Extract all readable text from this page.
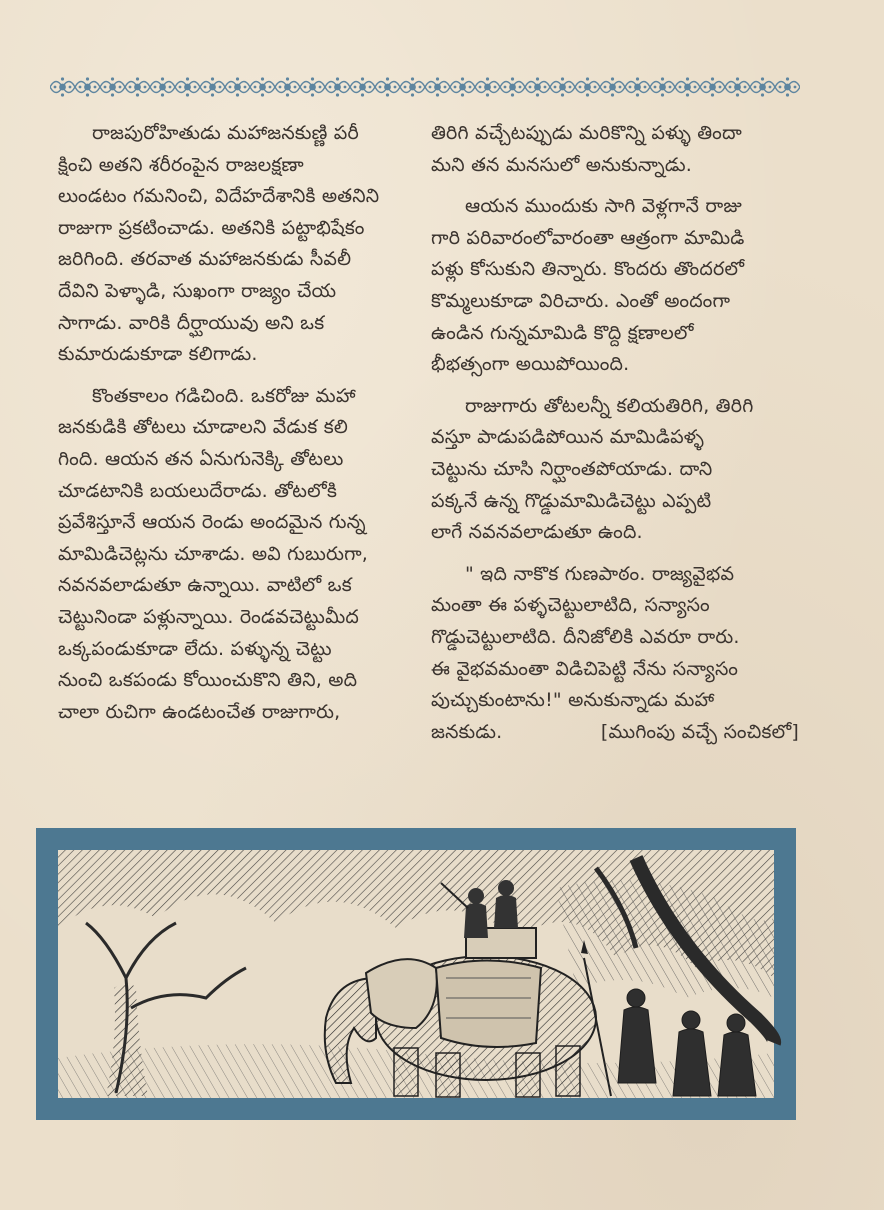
రాజపురోహితుడు మహాజనకుణ్ణి పరీ
క్షించి అతని శరీరంపైన రాజలక్షణా
లుండటం గమనించి, విదేహదేశానికి అతనిని
రాజుగా ప్రకటించాడు. అతనికి పట్టాభిషేకం
జరిగింది. తరవాత మహాజనకుడు సీవలీ
దేవిని పెళ్ళాడి, సుఖంగా రాజ్యం చేయ
సాగాడు. వారికి దీర్ఘాయువు అని ఒక
కుమారుడుకూడా కలిగాడు.

కొంతకాలం గడిచింది. ఒకరోజు మహా
జనకుడికి తోటలు చూడాలని వేడుక కలి
గింది. ఆయన తన ఏనుగునెక్కి తోటలు
చూడటానికి బయలుదేరాడు. తోటలోకి
ప్రవేశిస్తూనే ఆయన రెండు అందమైన గున్న
మామిడిచెట్లను చూశాడు. అవి గుబురుగా,
నవనవలాడుతూ ఉన్నాయి. వాటిలో ఒక
చెట్టునిండా పళ్లున్నాయి. రెండవచెట్టుమీద
ఒక్కపండుకూడా లేదు. పళ్ళున్న చెట్టు
నుంచి ఒకపండు కోయించుకొని తిని, అది
చాలా రుచిగా ఉండటంచేత రాజుగారు,

తిరిగి వచ్చేటప్పుడు మరికొన్ని పళ్ళు తిందా
మని తన మనసులో అనుకున్నాడు.

ఆయన ముందుకు సాగి వెళ్లగానే రాజు
గారి పరివారంలోవారంతా ఆత్రంగా మామిడి
పళ్లు కోసుకుని తిన్నారు. కొందరు తొందరలో
కొమ్మలుకూడా విరిచారు. ఎంతో అందంగా
ఉండిన గున్నమామిడి కొద్ది క్షణాలలో
భీభత్సంగా అయిపోయింది.

రాజుగారు తోటలన్నీ కలియతిరిగి, తిరిగి
వస్తూ పాడుపడిపోయిన మామిడిపళ్ళ
చెట్టును చూసి నిర్ఘాంతపోయాడు. దాని
పక్కనే ఉన్న గొడ్డుమామిడిచెట్టు ఎప్పటి
లాగే నవనవలాడుతూ ఉంది.

" ఇది నాకొక గుణపాఠం. రాజ్యవైభవ
మంతా ఈ పళ్ళచెట్టులాటిది, సన్యాసం
గొడ్డుచెట్టులాటిది. దీనిజోలికి ఎవరూ రారు.
ఈ వైభవమంతా విడిచిపెట్టి నేను సన్యాసం
పుచ్చుకుంటాను!" అనుకున్నాడు మహా
జనకుడు.	[ముగింపు వచ్చే సంచికలో]
